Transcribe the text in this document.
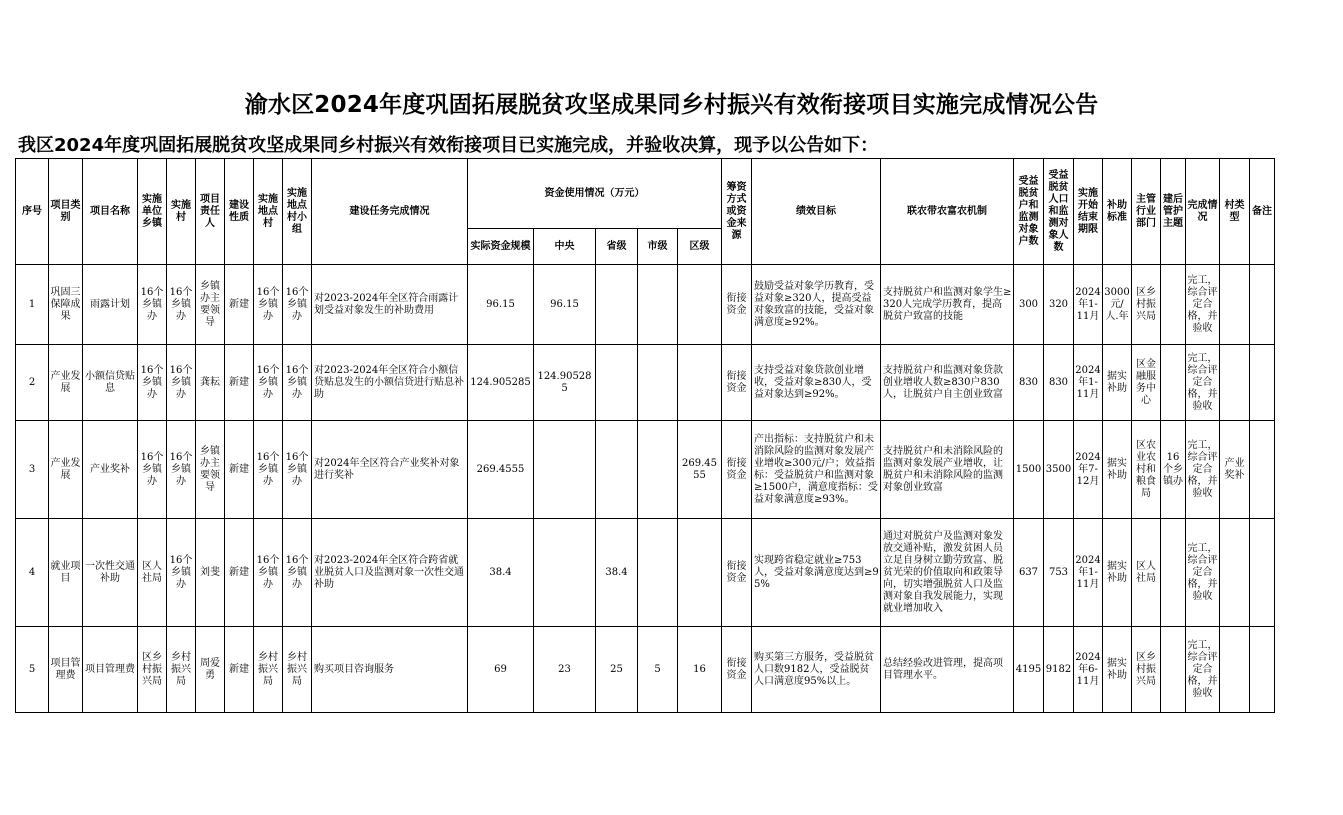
渝水区2024年度巩固拓展脱贫攻坚成果同乡村振兴有效衔接项目实施完成情况公告
我区2024年度巩固拓展脱贫攻坚成果同乡村振兴有效衔接项目已实施完成，并验收决算，现予以公告如下：
序号	项目类别	项目名称	实施单位乡镇	实施村	项目责任人	建设性质	实施地点村	实施地点村小组	建设任务完成情况	资金使用情况（万元）					筹资方式或资金来源	绩效目标	联农带农富农机制	受益脱贫户和监测对象户数	受益脱贫人口和监测对象人数	实施开始结束期限	补助标准	主管行业部门	建后管护主题	完成情况	村类型	备注
										实际资金规模	中央	省级	市级	区级												
1	巩固三保障成果	雨露计划	16个乡镇办	16个乡镇办	乡镇办主要领导	新建	16个乡镇办	16个乡镇办	对2023-2024年全区符合雨露计划受益对象发生的补助费用	96.15	96.15				衔接资金	鼓励受益对象学历教育，受益对象≥320人，提高受益对象致富的技能，受益对象满意度≥92%。	支持脱贫户和监测对象学生≥320人完成学历教育，提高脱贫户致富的技能	300	320	2024年1-11月	3000元/人.年	区乡村振兴局		完工，综合评定合格，并验收		
2	产业发展	小额信贷贴息	16个乡镇办	16个乡镇办	龚耘	新建	16个乡镇办	16个乡镇办	对2023-2024年全区符合小额信贷贴息发生的小额信贷进行贴息补助	124.905285	124.905285				衔接资金	支持受益对象贷款创业增收，受益对象≥830人，受益对象达到≥92%。	支持脱贫户和监测对象贷款创业增收人数≥830户830人，让脱贫户自主创业致富	830	830	2024年1-11月	据实补助	区金融服务中心		完工，综合评定合格，并验收		
3	产业发展	产业奖补	16个乡镇办	16个乡镇办	乡镇办主要领导	新建	16个乡镇办	16个乡镇办	对2024年全区符合产业奖补对象进行奖补	269.4555				269.4555	衔接资金	产出指标：支持脱贫户和未消除风险的监测对象发展产业增收≥300元/户；效益指标：受益脱贫户和监测对象≥1500户，满意度指标：受益对象满意度≥93%。	支持脱贫户和未消除风险的监测对象发展产业增收，让脱贫户和未消除风险的监测对象创业致富	1500	3500	2024年7-12月	据实补助	区农业农村和粮食局	16个乡镇办	完工，综合评定合格，并验收	产业奖补	
4	就业项目	一次性交通补助	区人社局	16个乡镇办	刘斐	新建	16个乡镇办	16个乡镇办	对2023-2024年全区符合跨省就业脱贫人口及监测对象一次性交通补助	38.4		38.4			衔接资金	实现跨省稳定就业≥753人，受益对象满意度达到≥95%	通过对脱贫户及监测对象发放交通补贴，激发贫困人员立足自身树立勤劳致富、脱贫光荣的价值取向和政策导向，切实增强脱贫人口及监测对象自我发展能力，实现就业增加收入	637	753	2024年1-11月	据实补助	区人社局		完工，综合评定合格，并验收		
5	项目管理费	项目管理费	区乡村振兴局	乡村振兴局	周爱勇	新建	乡村振兴局	乡村振兴局	购买项目咨询服务	69	23	25	5	16	衔接资金	购买第三方服务，受益脱贫人口数9182人，受益脱贫人口满意度95%以上。	总结经验改进管理，提高项目管理水平。	4195	9182	2024年6-11月	据实补助	区乡村振兴局		完工，综合评定合格，并验收		
